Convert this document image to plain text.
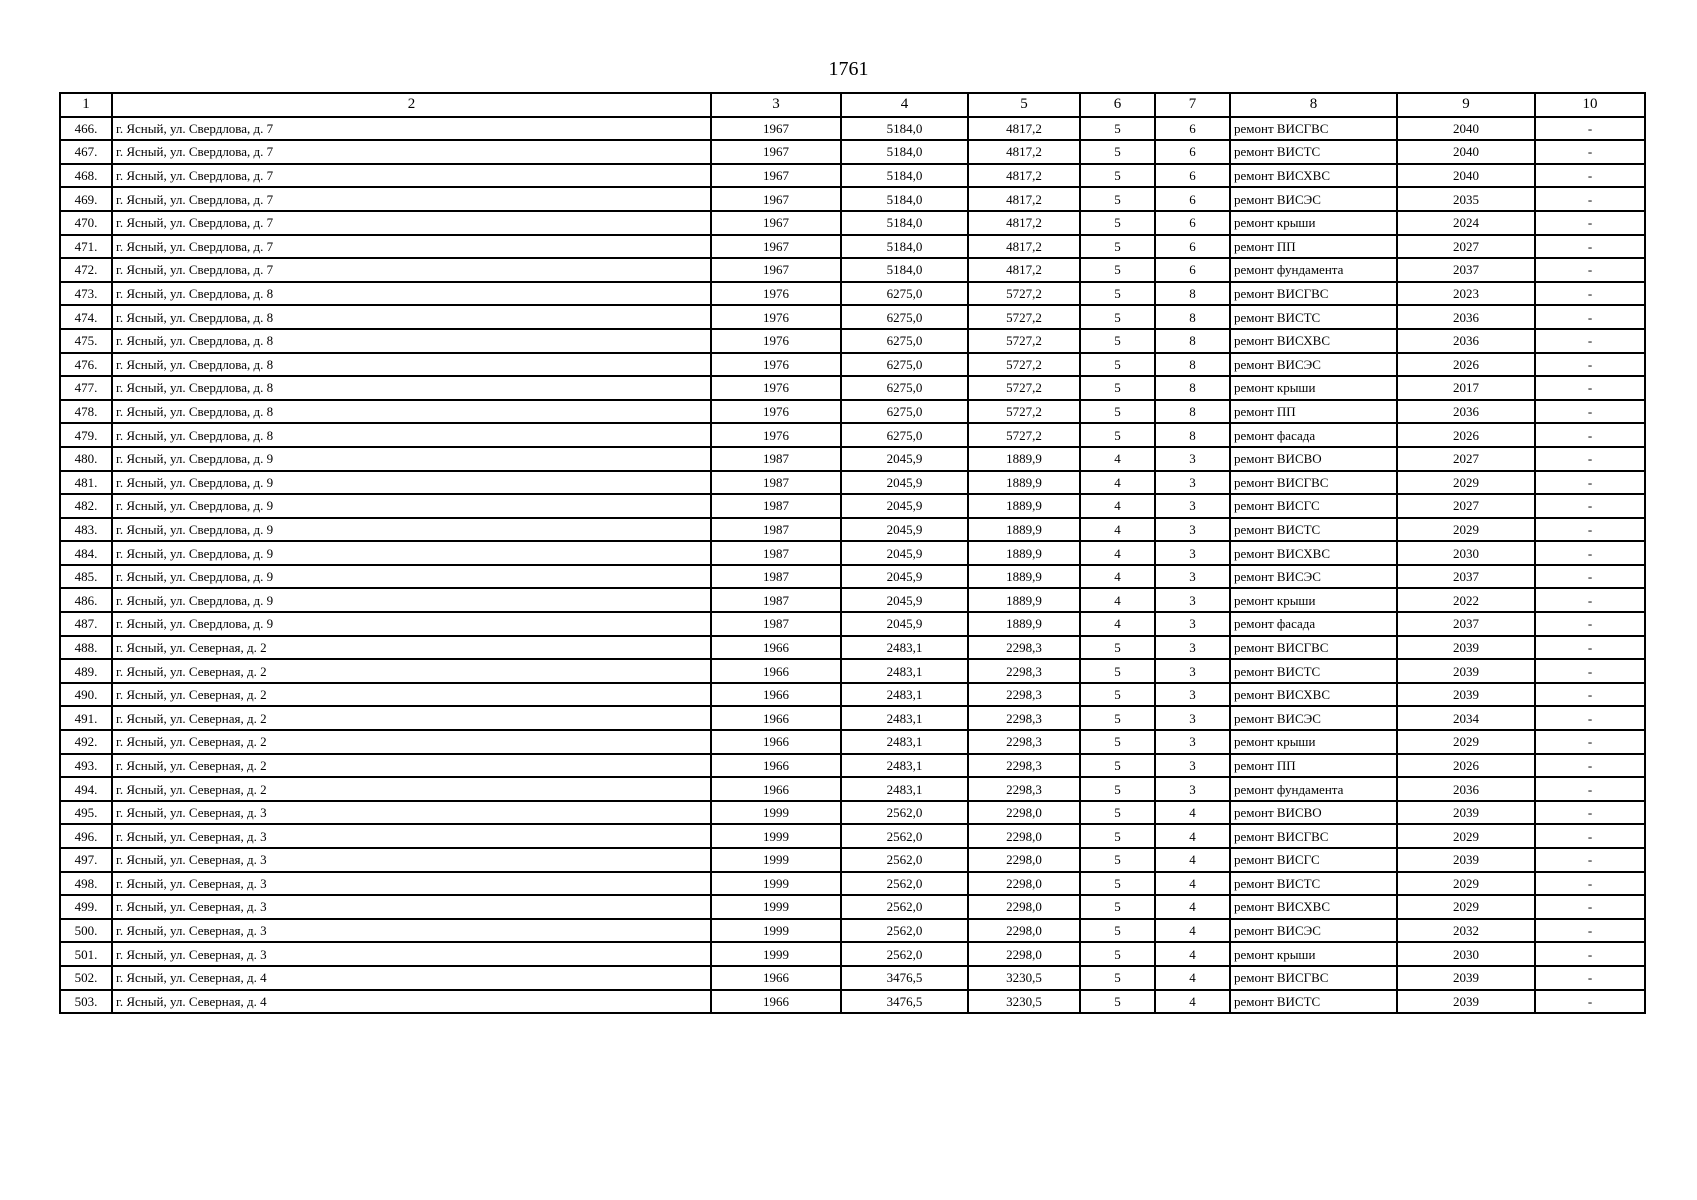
1761
1	2	3	4	5	6	7	8	9	10
466.	г. Ясный, ул. Свердлова, д. 7	1967	5184,0	4817,2	5	6	ремонт ВИСГВС	2040	-
467.	г. Ясный, ул. Свердлова, д. 7	1967	5184,0	4817,2	5	6	ремонт ВИСТС	2040	-
468.	г. Ясный, ул. Свердлова, д. 7	1967	5184,0	4817,2	5	6	ремонт ВИСХВС	2040	-
469.	г. Ясный, ул. Свердлова, д. 7	1967	5184,0	4817,2	5	6	ремонт ВИСЭС	2035	-
470.	г. Ясный, ул. Свердлова, д. 7	1967	5184,0	4817,2	5	6	ремонт крыши	2024	-
471.	г. Ясный, ул. Свердлова, д. 7	1967	5184,0	4817,2	5	6	ремонт ПП	2027	-
472.	г. Ясный, ул. Свердлова, д. 7	1967	5184,0	4817,2	5	6	ремонт фундамента	2037	-
473.	г. Ясный, ул. Свердлова, д. 8	1976	6275,0	5727,2	5	8	ремонт ВИСГВС	2023	-
474.	г. Ясный, ул. Свердлова, д. 8	1976	6275,0	5727,2	5	8	ремонт ВИСТС	2036	-
475.	г. Ясный, ул. Свердлова, д. 8	1976	6275,0	5727,2	5	8	ремонт ВИСХВС	2036	-
476.	г. Ясный, ул. Свердлова, д. 8	1976	6275,0	5727,2	5	8	ремонт ВИСЭС	2026	-
477.	г. Ясный, ул. Свердлова, д. 8	1976	6275,0	5727,2	5	8	ремонт крыши	2017	-
478.	г. Ясный, ул. Свердлова, д. 8	1976	6275,0	5727,2	5	8	ремонт ПП	2036	-
479.	г. Ясный, ул. Свердлова, д. 8	1976	6275,0	5727,2	5	8	ремонт фасада	2026	-
480.	г. Ясный, ул. Свердлова, д. 9	1987	2045,9	1889,9	4	3	ремонт ВИСВО	2027	-
481.	г. Ясный, ул. Свердлова, д. 9	1987	2045,9	1889,9	4	3	ремонт ВИСГВС	2029	-
482.	г. Ясный, ул. Свердлова, д. 9	1987	2045,9	1889,9	4	3	ремонт ВИСГС	2027	-
483.	г. Ясный, ул. Свердлова, д. 9	1987	2045,9	1889,9	4	3	ремонт ВИСТС	2029	-
484.	г. Ясный, ул. Свердлова, д. 9	1987	2045,9	1889,9	4	3	ремонт ВИСХВС	2030	-
485.	г. Ясный, ул. Свердлова, д. 9	1987	2045,9	1889,9	4	3	ремонт ВИСЭС	2037	-
486.	г. Ясный, ул. Свердлова, д. 9	1987	2045,9	1889,9	4	3	ремонт крыши	2022	-
487.	г. Ясный, ул. Свердлова, д. 9	1987	2045,9	1889,9	4	3	ремонт фасада	2037	-
488.	г. Ясный, ул. Северная, д. 2	1966	2483,1	2298,3	5	3	ремонт ВИСГВС	2039	-
489.	г. Ясный, ул. Северная, д. 2	1966	2483,1	2298,3	5	3	ремонт ВИСТС	2039	-
490.	г. Ясный, ул. Северная, д. 2	1966	2483,1	2298,3	5	3	ремонт ВИСХВС	2039	-
491.	г. Ясный, ул. Северная, д. 2	1966	2483,1	2298,3	5	3	ремонт ВИСЭС	2034	-
492.	г. Ясный, ул. Северная, д. 2	1966	2483,1	2298,3	5	3	ремонт крыши	2029	-
493.	г. Ясный, ул. Северная, д. 2	1966	2483,1	2298,3	5	3	ремонт ПП	2026	-
494.	г. Ясный, ул. Северная, д. 2	1966	2483,1	2298,3	5	3	ремонт фундамента	2036	-
495.	г. Ясный, ул. Северная, д. 3	1999	2562,0	2298,0	5	4	ремонт ВИСВО	2039	-
496.	г. Ясный, ул. Северная, д. 3	1999	2562,0	2298,0	5	4	ремонт ВИСГВС	2029	-
497.	г. Ясный, ул. Северная, д. 3	1999	2562,0	2298,0	5	4	ремонт ВИСГС	2039	-
498.	г. Ясный, ул. Северная, д. 3	1999	2562,0	2298,0	5	4	ремонт ВИСТС	2029	-
499.	г. Ясный, ул. Северная, д. 3	1999	2562,0	2298,0	5	4	ремонт ВИСХВС	2029	-
500.	г. Ясный, ул. Северная, д. 3	1999	2562,0	2298,0	5	4	ремонт ВИСЭС	2032	-
501.	г. Ясный, ул. Северная, д. 3	1999	2562,0	2298,0	5	4	ремонт крыши	2030	-
502.	г. Ясный, ул. Северная, д. 4	1966	3476,5	3230,5	5	4	ремонт ВИСГВС	2039	-
503.	г. Ясный, ул. Северная, д. 4	1966	3476,5	3230,5	5	4	ремонт ВИСТС	2039	-
